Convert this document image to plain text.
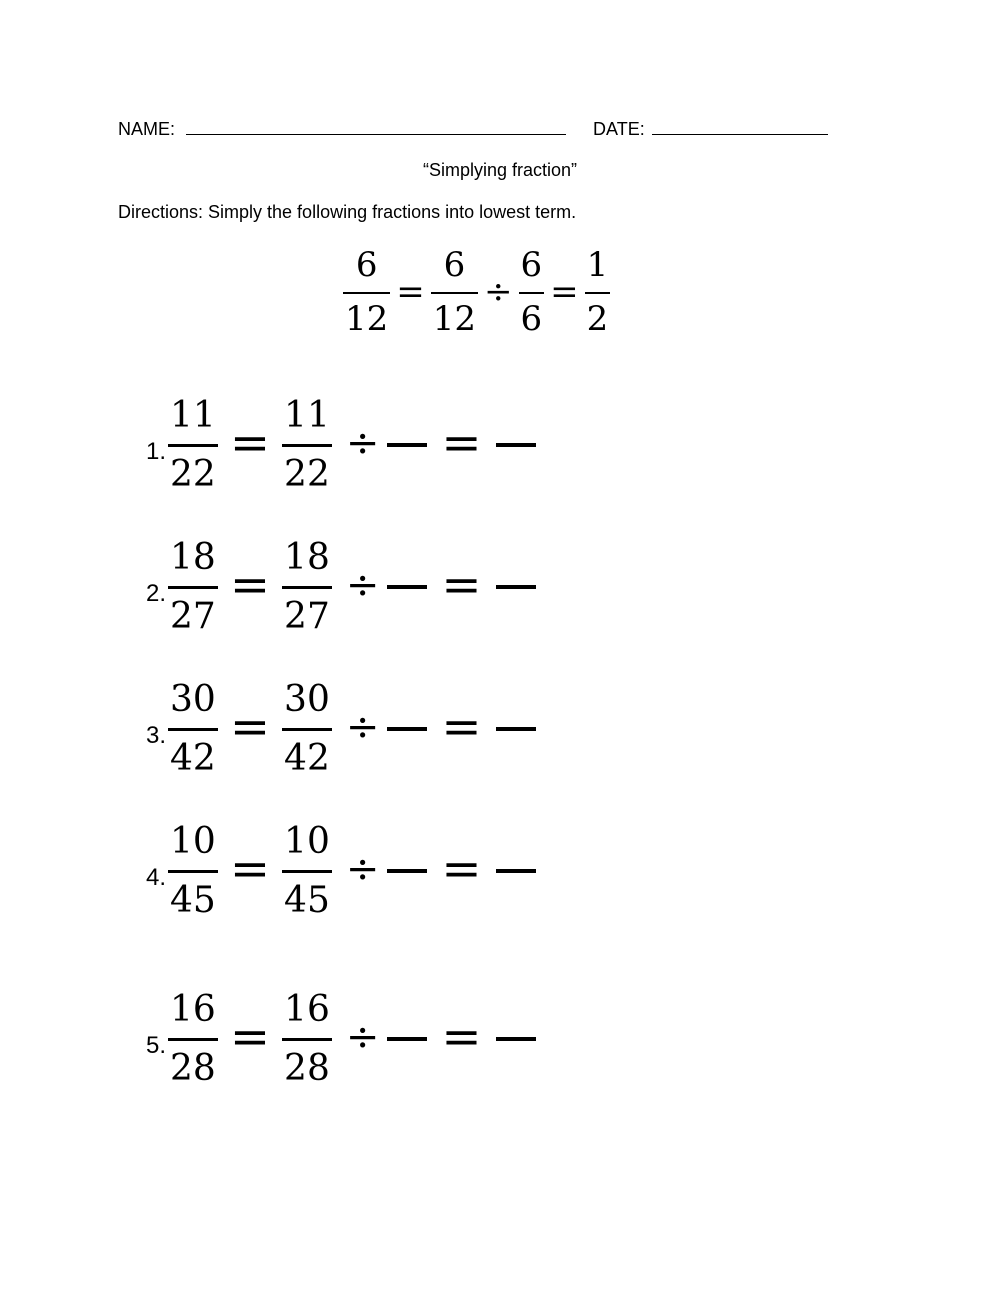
NAME:	DATE:
“Simplying fraction”
Directions: Simply the following fractions into lowest term.
$\frac{6}{12} = \frac{6}{12} \div \frac{6}{6} = \frac{1}{2}$
1. $\frac{11}{22} = \frac{11}{22}$ ÷ =
2. $\frac{18}{27} = \frac{18}{27}$ ÷ =
3. $\frac{30}{42} = \frac{30}{42}$ ÷ =
4. $\frac{10}{45} = \frac{10}{45}$ ÷ =
5. $\frac{16}{28} = \frac{16}{28}$ ÷ =
